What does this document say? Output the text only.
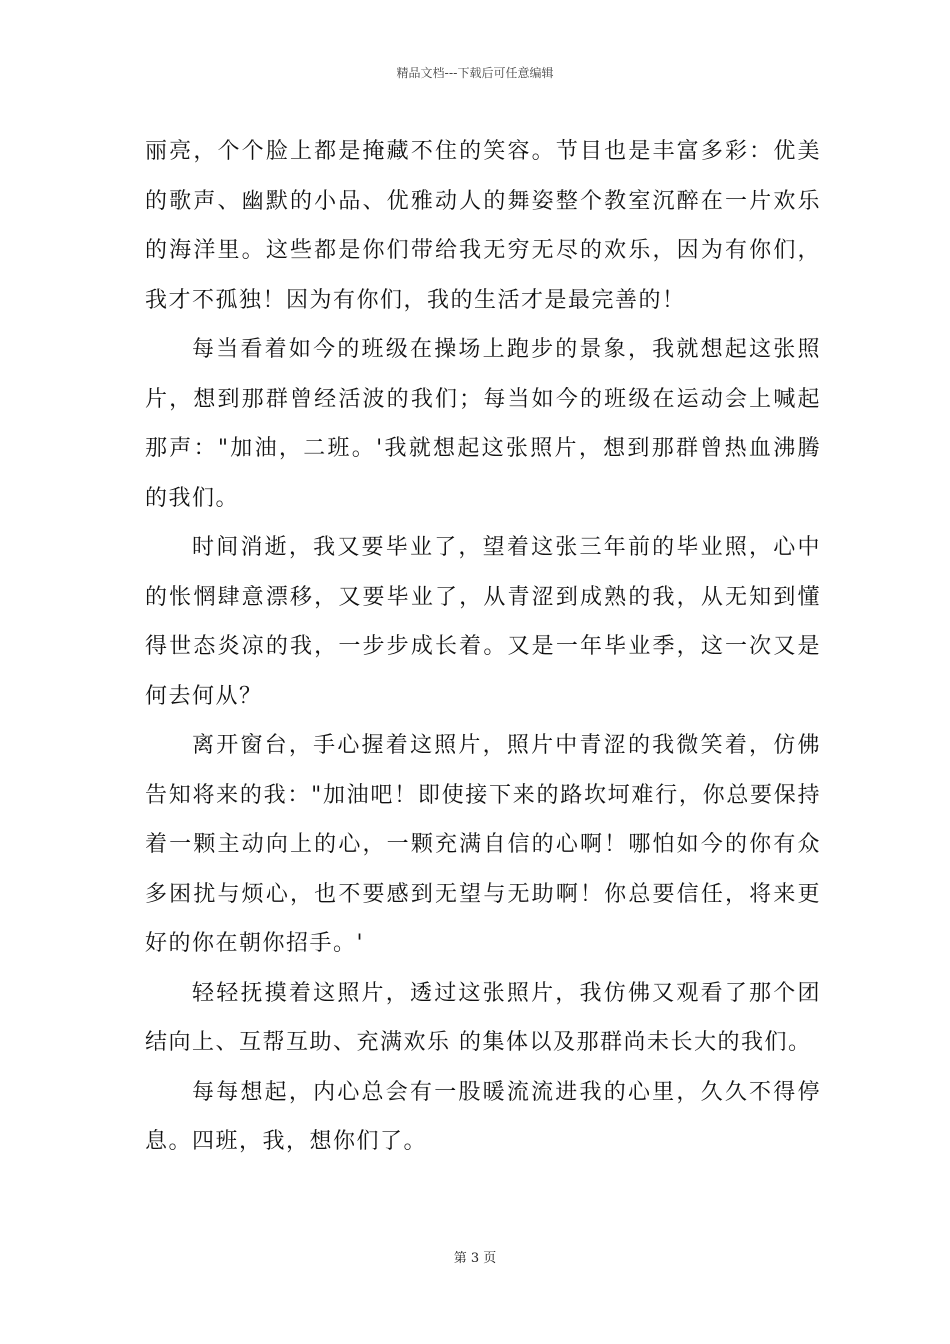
精品文档---下载后可任意编辑

丽亮，个个脸上都是掩藏不住的笑容。节目也是丰富多彩：优美的歌声、幽默的小品、优雅动人的舞姿整个教室沉醉在一片欢乐的海洋里。这些都是你们带给我无穷无尽的欢乐，因为有你们，我才不孤独！因为有你们，我的生活才是最完善的！

每当看着如今的班级在操场上跑步的景象，我就想起这张照片，想到那群曾经活波的我们；每当如今的班级在运动会上喊起那声："加油，二班。'我就想起这张照片，想到那群曾热血沸腾的我们。

时间消逝，我又要毕业了，望着这张三年前的毕业照，心中的怅惘肆意漂移，又要毕业了，从青涩到成熟的我，从无知到懂得世态炎凉的我，一步步成长着。又是一年毕业季，这一次又是何去何从？

离开窗台，手心握着这照片，照片中青涩的我微笑着，仿佛告知将来的我："加油吧！即使接下来的路坎坷难行，你总要保持着一颗主动向上的心，一颗充满自信的心啊！哪怕如今的你有众多困扰与烦心，也不要感到无望与无助啊！你总要信任，将来更好的你在朝你招手。'

轻轻抚摸着这照片，透过这张照片，我仿佛又观看了那个团结向上、互帮互助、充满欢乐 的集体以及那群尚未长大的我们。

每每想起，内心总会有一股暖流流进我的心里，久久不得停息。四班，我，想你们了。

第 3 页
